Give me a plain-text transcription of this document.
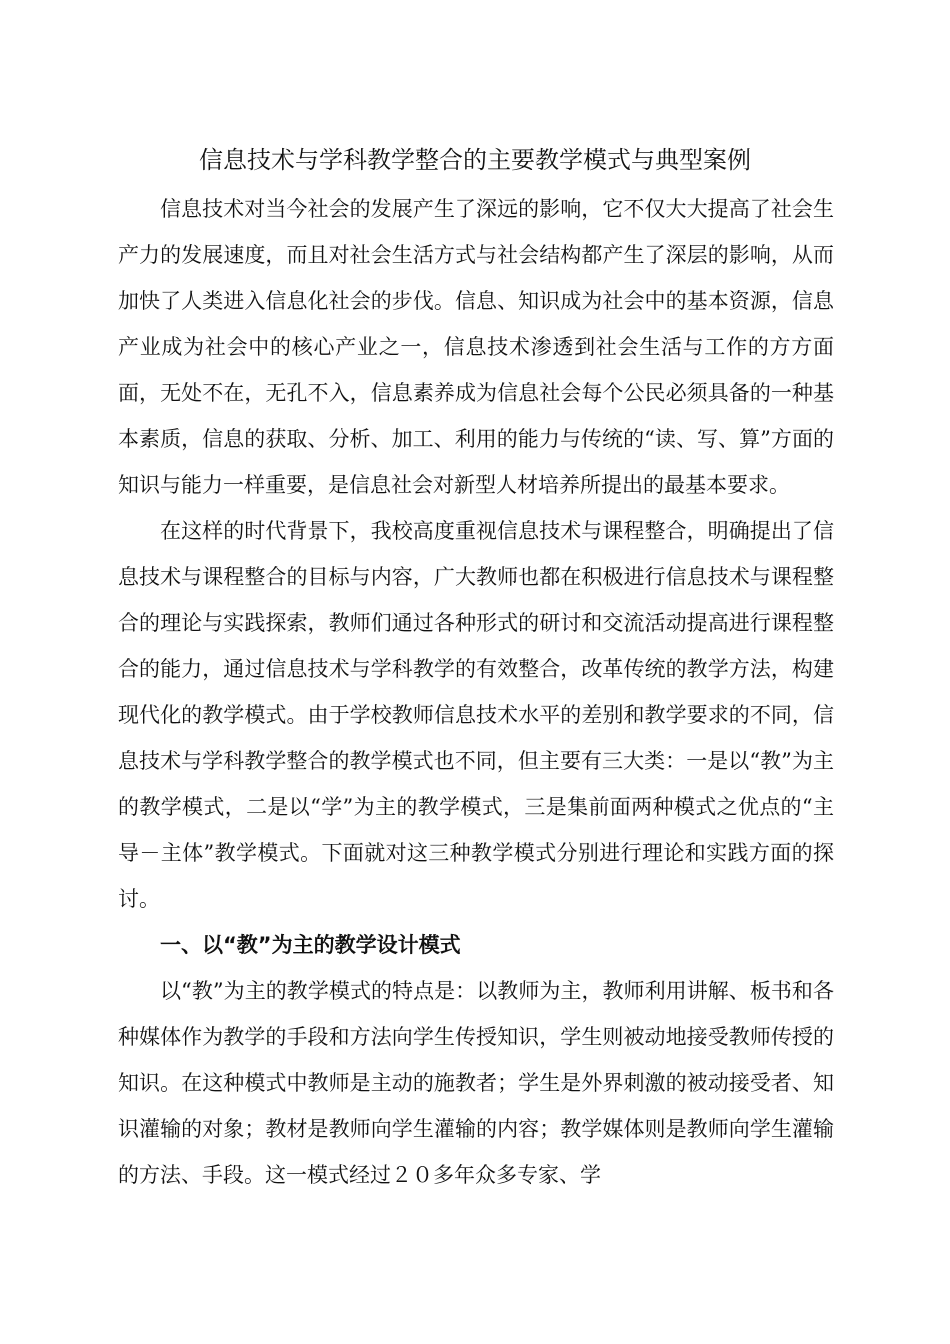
信息技术与学科教学整合的主要教学模式与典型案例

信息技术对当今社会的发展产生了深远的影响，它不仅大大提高了社会生产力的发展速度，而且对社会生活方式与社会结构都产生了深层的影响，从而加快了人类进入信息化社会的步伐。信息、知识成为社会中的基本资源，信息产业成为社会中的核心产业之一，信息技术渗透到社会生活与工作的方方面面，无处不在，无孔不入，信息素养成为信息社会每个公民必须具备的一种基本素质，信息的获取、分析、加工、利用的能力与传统的“读、写、算”方面的知识与能力一样重要，是信息社会对新型人材培养所提出的最基本要求。

在这样的时代背景下，我校高度重视信息技术与课程整合，明确提出了信息技术与课程整合的目标与内容，广大教师也都在积极进行信息技术与课程整合的理论与实践探索，教师们通过各种形式的研讨和交流活动提高进行课程整合的能力，通过信息技术与学科教学的有效整合，改革传统的教学方法，构建现代化的教学模式。由于学校教师信息技术水平的差别和教学要求的不同，信息技术与学科教学整合的教学模式也不同，但主要有三大类：一是以“教”为主的教学模式，二是以“学”为主的教学模式，三是集前面两种模式之优点的“主导－主体”教学模式。下面就对这三种教学模式分别进行理论和实践方面的探讨。

一、以“教”为主的教学设计模式

以“教”为主的教学模式的特点是：以教师为主，教师利用讲解、板书和各种媒体作为教学的手段和方法向学生传授知识，学生则被动地接受教师传授的知识。在这种模式中教师是主动的施教者；学生是外界刺激的被动接受者、知识灌输的对象；教材是教师向学生灌输的内容；教学媒体则是教师向学生灌输的方法、手段。这一模式经过２０多年众多专家、学
